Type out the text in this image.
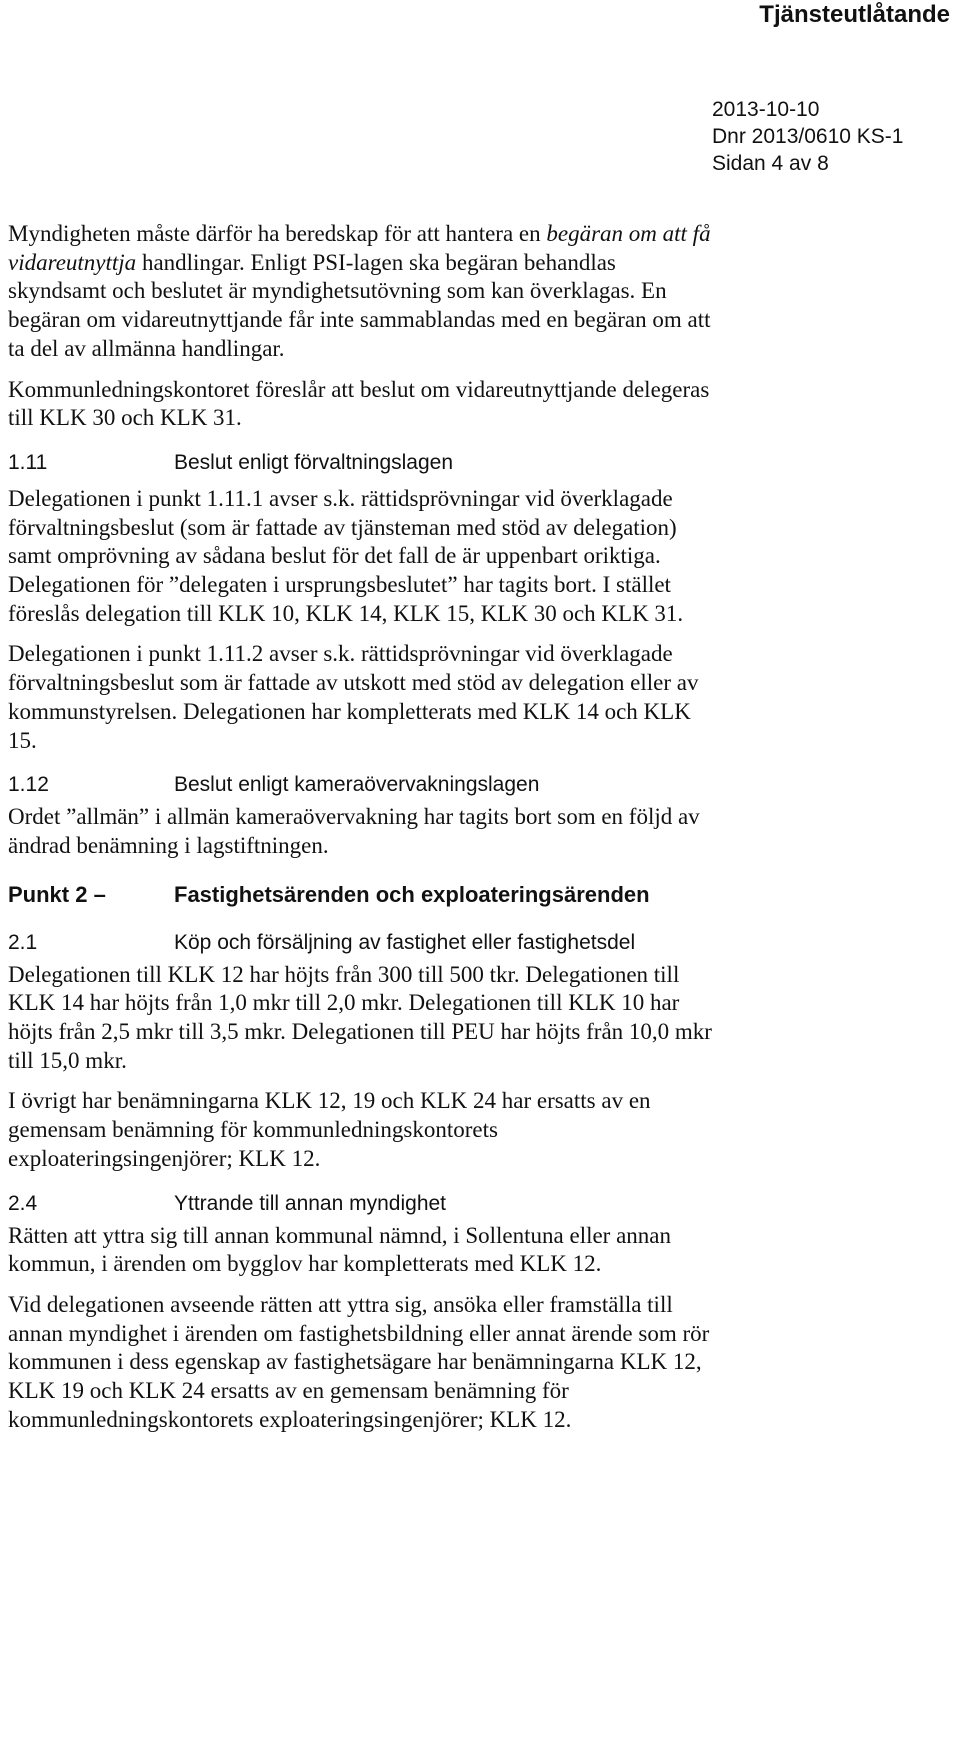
Tjänsteutlåtande
2013-10-10
Dnr 2013/0610 KS-1
Sidan 4 av 8

Myndigheten måste därför ha beredskap för att hantera en begäran om att få
vidareutnyttja handlingar. Enligt PSI-lagen ska begäran behandlas
skyndsamt och beslutet är myndighetsutövning som kan överklagas. En
begäran om vidareutnyttjande får inte sammablandas med en begäran om att
ta del av allmänna handlingar.

Kommunledningskontoret föreslår att beslut om vidareutnyttjande delegeras
till KLK 30 och KLK 31.

1.11	Beslut enligt förvaltningslagen

Delegationen i punkt 1.11.1 avser s.k. rättidsprövningar vid överklagade
förvaltningsbeslut (som är fattade av tjänsteman med stöd av delegation)
samt omprövning av sådana beslut för det fall de är uppenbart oriktiga.
Delegationen för ”delegaten i ursprungsbeslutet” har tagits bort. I stället
föreslås delegation till KLK 10, KLK 14, KLK 15, KLK 30 och KLK 31.

Delegationen i punkt 1.11.2 avser s.k. rättidsprövningar vid överklagade
förvaltningsbeslut som är fattade av utskott med stöd av delegation eller av
kommunstyrelsen. Delegationen har kompletterats med KLK 14 och KLK
15.

1.12	Beslut enligt kameraövervakningslagen

Ordet ”allmän” i allmän kameraövervakning har tagits bort som en följd av
ändrad benämning i lagstiftningen.

Punkt 2 –	Fastighetsärenden och exploateringsärenden
2.1	Köp och försäljning av fastighet eller fastighetsdel

Delegationen till KLK 12 har höjts från 300 till 500 tkr. Delegationen till
KLK 14 har höjts från 1,0 mkr till 2,0 mkr. Delegationen till KLK 10 har
höjts från 2,5 mkr till 3,5 mkr. Delegationen till PEU har höjts från 10,0 mkr
till 15,0 mkr.

I övrigt har benämningarna KLK 12, 19 och KLK 24 har ersatts av en
gemensam benämning för kommunledningskontorets
exploateringsingenjörer; KLK 12.

2.4	Yttrande till annan myndighet

Rätten att yttra sig till annan kommunal nämnd, i Sollentuna eller annan
kommun, i ärenden om bygglov har kompletterats med KLK 12.

Vid delegationen avseende rätten att yttra sig, ansöka eller framställa till
annan myndighet i ärenden om fastighetsbildning eller annat ärende som rör
kommunen i dess egenskap av fastighetsägare har benämningarna KLK 12,
KLK 19 och KLK 24 ersatts av en gemensam benämning för
kommunledningskontorets exploateringsingenjörer; KLK 12.
